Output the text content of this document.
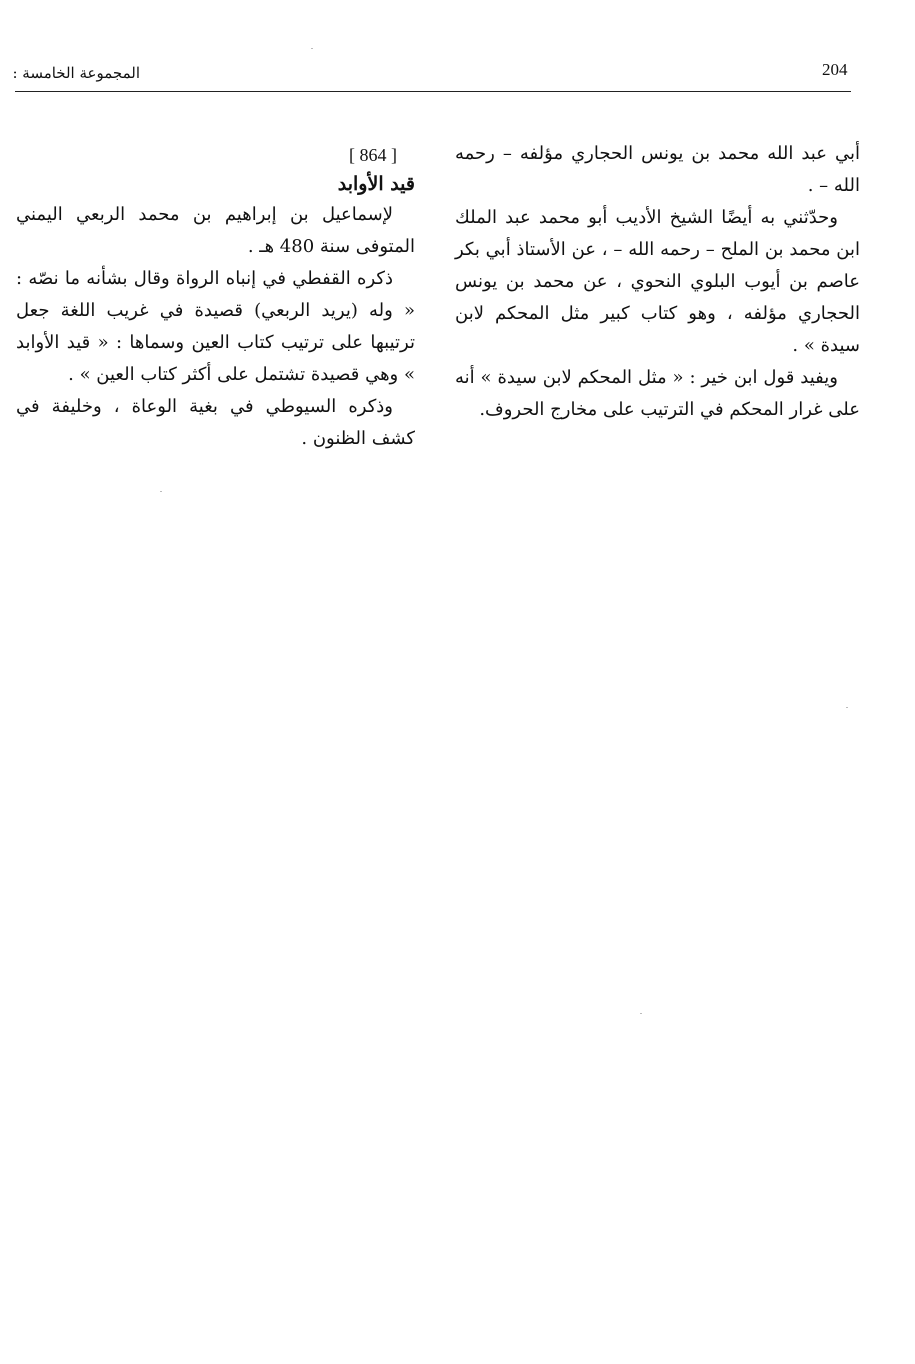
204
المجموعة الخامسة :

أبي عبد الله محمد بن يونس الحجاري مؤلفه – رحمه الله – .

وحدّثني به أيضًا الشيخ الأديب أبو محمد عبد الملك ابن محمد بن الملح – رحمه الله – ، عن الأستاذ أبي بكر عاصم بن أيوب البلوي النحوي ، عن محمد بن يونس الحجاري مؤلفه ، وهو كتاب كبير مثل المحكم لابن سيدة » .

ويفيد قول ابن خير : « مثل المحكم لابن سيدة » أنه على غرار المحكم في الترتيب على مخارج الحروف.

[ 864 ]

قيد الأوابد

لإسماعيل بن إبراهيم بن محمد الربعي اليمني المتوفى سنة 480 هـ .

ذكره القفطي في إنباه الرواة وقال بشأنه ما نصّه : « وله (يريد الربعي) قصيدة في غريب اللغة جعل ترتيبها على ترتيب كتاب العين وسماها : « قيد الأوابد » وهي قصيدة تشتمل على أكثر كتاب العين » .

وذكره السيوطي في بغية الوعاة ، وخليفة في كشف الظنون .
